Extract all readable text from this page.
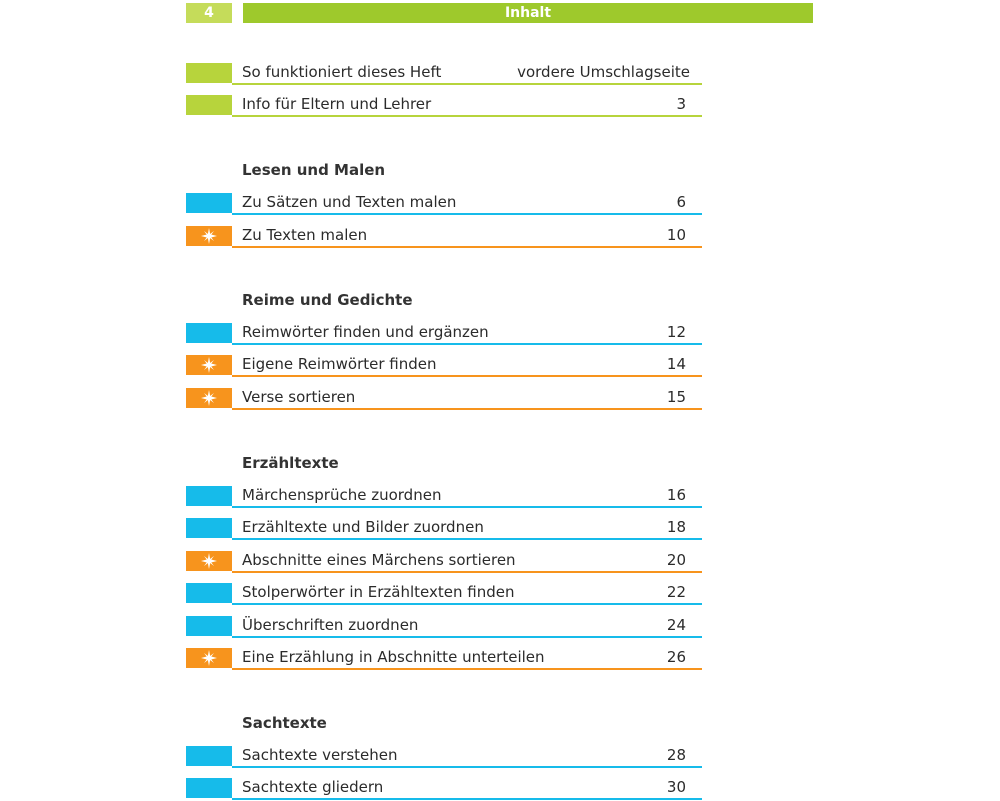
4	Inhalt
So funktioniert dieses Heft	vordere Umschlagseite
Info für Eltern und Lehrer	3
Lesen und Malen
Zu Sätzen und Texten malen	6
Zu Texten malen	10
Reime und Gedichte
Reimwörter finden und ergänzen	12
Eigene Reimwörter finden	14
Verse sortieren	15
Erzähltexte
Märchensprüche zuordnen	16
Erzähltexte und Bilder zuordnen	18
Abschnitte eines Märchens sortieren	20
Stolperwörter in Erzähltexten finden	22
Überschriften zuordnen	24
Eine Erzählung in Abschnitte unterteilen	26
Sachtexte
Sachtexte verstehen	28
Sachtexte gliedern	30
